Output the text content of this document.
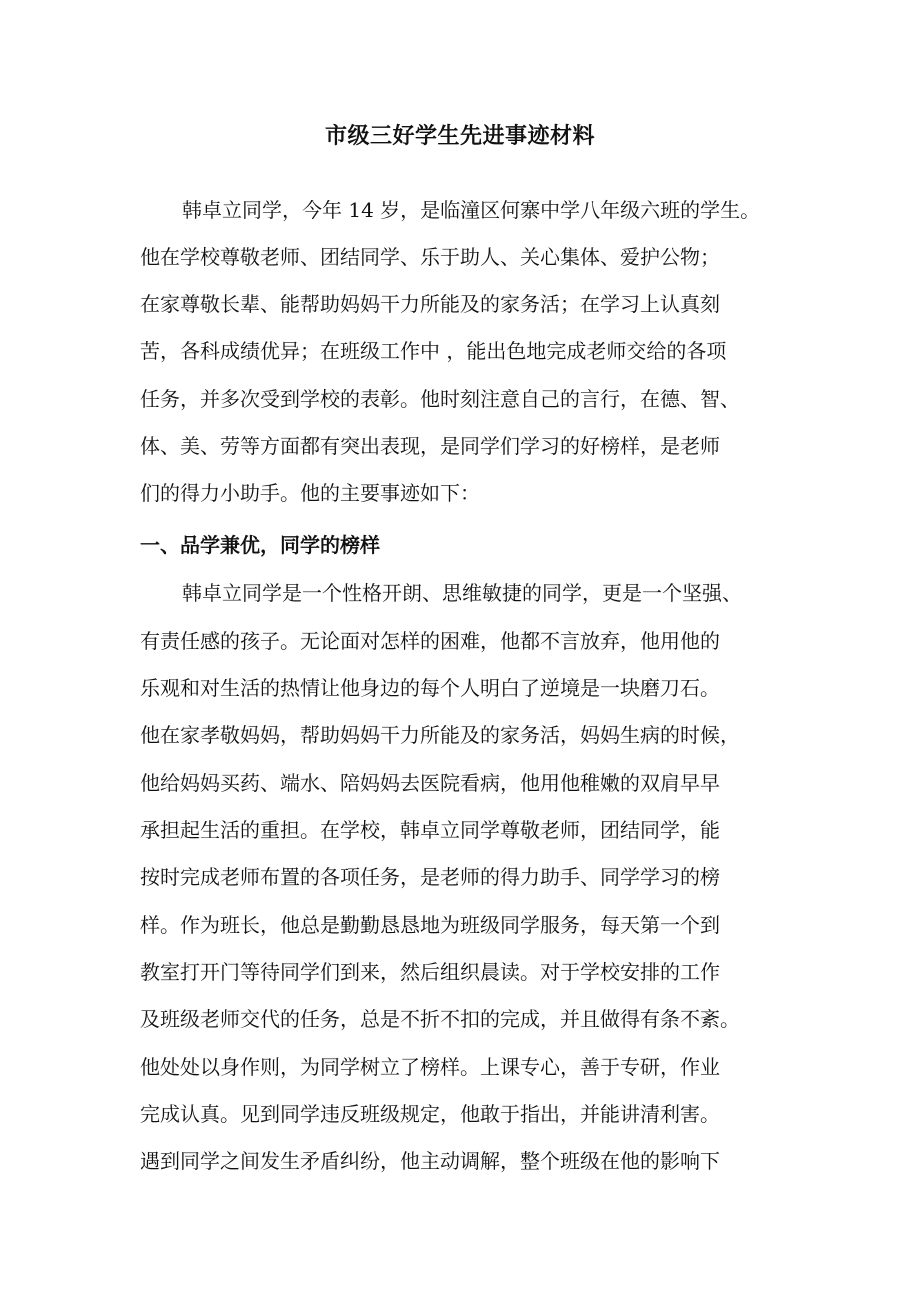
市级三好学生先进事迹材料
韩卓立同学，今年 14 岁，是临潼区何寨中学八年级六班的学生。
他在学校尊敬老师、团结同学、乐于助人、关心集体、爱护公物；
在家尊敬长辈、能帮助妈妈干力所能及的家务活；在学习上认真刻
苦，各科成绩优异；在班级工作中 ，能出色地完成老师交给的各项
任务，并多次受到学校的表彰。他时刻注意自己的言行，在德、智、
体、美、劳等方面都有突出表现，是同学们学习的好榜样，是老师
们的得力小助手。他的主要事迹如下：
一、品学兼优，同学的榜样
韩卓立同学是一个性格开朗、思维敏捷的同学，更是一个坚强、
有责任感的孩子。无论面对怎样的困难，他都不言放弃，他用他的
乐观和对生活的热情让他身边的每个人明白了逆境是一块磨刀石。
他在家孝敬妈妈，帮助妈妈干力所能及的家务活，妈妈生病的时候，
他给妈妈买药、端水、陪妈妈去医院看病，他用他稚嫩的双肩早早
承担起生活的重担。在学校，韩卓立同学尊敬老师，团结同学，能
按时完成老师布置的各项任务，是老师的得力助手、同学学习的榜
样。作为班长，他总是勤勤恳恳地为班级同学服务，每天第一个到
教室打开门等待同学们到来，然后组织晨读。对于学校安排的工作
及班级老师交代的任务，总是不折不扣的完成，并且做得有条不紊。
他处处以身作则，为同学树立了榜样。上课专心，善于专研，作业
完成认真。见到同学违反班级规定，他敢于指出，并能讲清利害。
遇到同学之间发生矛盾纠纷，他主动调解，整个班级在他的影响下
